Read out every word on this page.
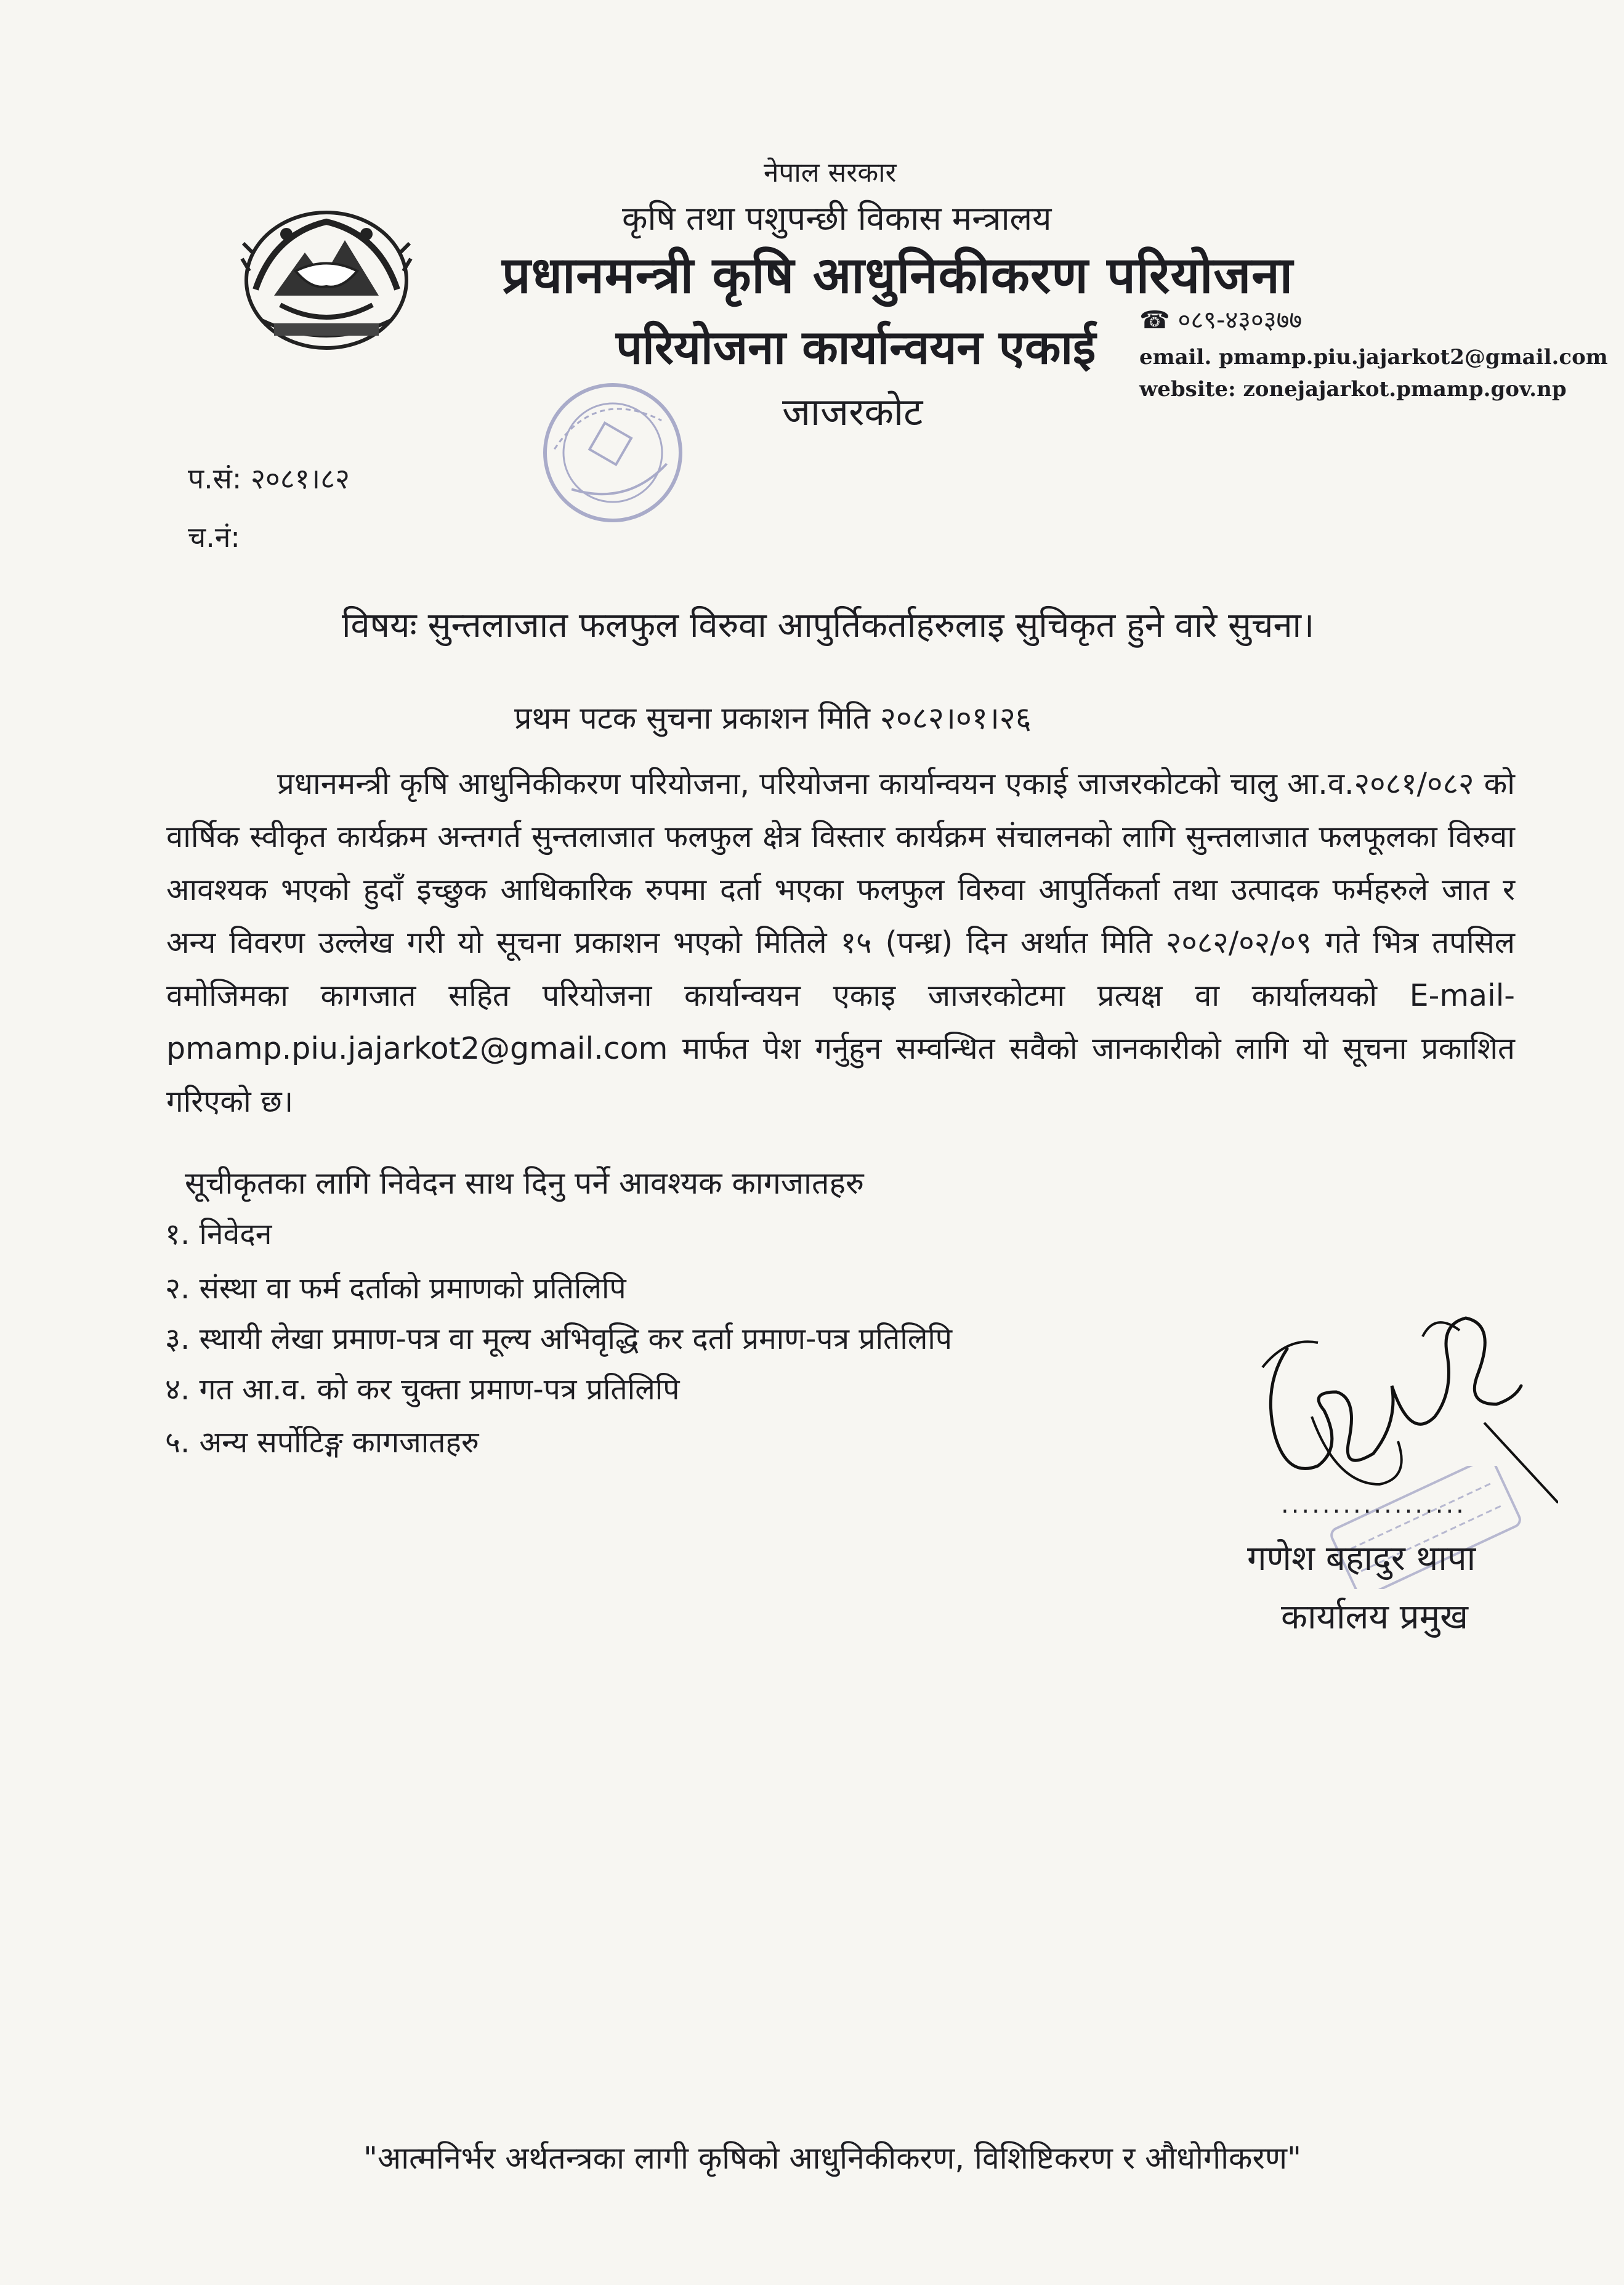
नेपाल सरकार
कृषि तथा पशुपन्छी विकास मन्त्रालय
प्रधानमन्त्री कृषि आधुनिकीकरण परियोजना
परियोजना कार्यान्वयन एकाई
जाजरकोट
☎ ०८९-४३०३७७
email. pmamp.piu.jajarkot2@gmail.com
website: zonejajarkot.pmamp.gov.np
प.सं: २०८१।८२
च.नं:
विषयः सुन्तलाजात फलफुल विरुवा आपुर्तिकर्ताहरुलाइ सुचिकृत हुने वारे सुचना।
प्रथम पटक सुचना प्रकाशन मिति २०८२।०१।२६
प्रधानमन्त्री कृषि आधुनिकीकरण परियोजना, परियोजना कार्यान्वयन एकाई जाजरकोटको चालु आ.व.२०८१/०८२ को वार्षिक स्वीकृत कार्यक्रम अन्तगर्त सुन्तलाजात फलफुल क्षेत्र विस्तार कार्यक्रम संचालनको लागि सुन्तलाजात फलफूलका विरुवा आवश्यक भएको हुदाँ इच्छुक आधिकारिक रुपमा दर्ता भएका फलफुल विरुवा आपुर्तिकर्ता तथा उत्पादक फर्महरुले जात र अन्य विवरण उल्लेख गरी यो सूचना प्रकाशन भएको मितिले १५ (पन्ध्र) दिन अर्थात मिति २०८२/०२/०९ गते भित्र तपसिल वमोजिमका कागजात सहित परियोजना कार्यान्वयन एकाइ जाजरकोटमा प्रत्यक्ष वा कार्यालयको E-mail-pmamp.piu.jajarkot2@gmail.com मार्फत पेश गर्नुहुन सम्वन्धित सवैको जानकारीको लागि यो सूचना प्रकाशित गरिएको छ।
सूचीकृतका लागि निवेदन साथ दिनु पर्ने आवश्यक कागजातहरु
१. निवेदन
२. संस्था वा फर्म दर्ताको प्रमाणको प्रतिलिपि
३. स्थायी लेखा प्रमाण-पत्र वा मूल्य अभिवृद्धि कर दर्ता प्रमाण-पत्र प्रतिलिपि
४. गत आ.व. को कर चुक्ता प्रमाण-पत्र प्रतिलिपि
५. अन्य सर्पोटिङ्ग कागजातहरु
..................
गणेश बहादुर थापा
कार्यालय प्रमुख
"आत्मनिर्भर अर्थतन्त्रका लागी कृषिको आधुनिकीकरण, विशिष्टिकरण र औधोगीकरण"
